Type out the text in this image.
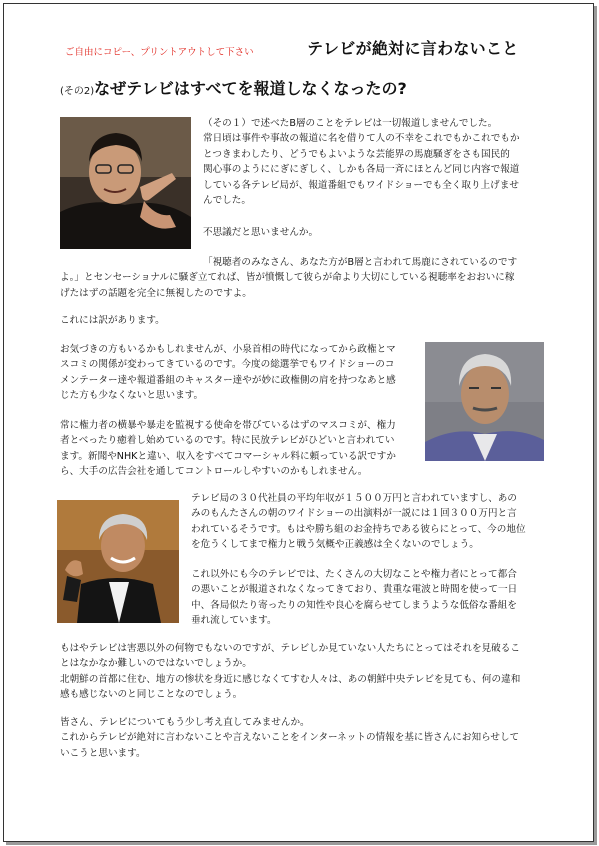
ご自由にコピー、プリントアウトして下さい	テレビが絶対に言わないこと
(その2)なぜテレビはすべてを報道しなくなったの?
（その１）で述べたB層のことをテレビは一切報道しませんでした。
常日頃は事件や事故の報道に名を借りて人の不幸をこれでもかこれでもか
とつきまわしたり、どうでもよいような芸能界の馬鹿騒ぎをさも国民的
関心事のようににぎにぎしく、しかも各局一斉にほとんど同じ内容で報道
している各テレビ局が、報道番組でもワイドショーでも全く取り上げませ
んでした。
不思議だと思いませんか。
「視聴者のみなさん、あなた方がB層と言われて馬鹿にされているのです
よ。」とセンセーショナルに騒ぎ立てれば、皆が憤慨して彼らが命より大切にしている視聴率をおおいに稼
げたはずの話題を完全に無視したのですよ。
これには訳があります。
お気づきの方もいるかもしれませんが、小泉首相の時代になってから政権とマ
スコミの関係が変わってきているのです。今度の総選挙でもワイドショーのコ
メンテーター達や報道番組のキャスター達やが妙に政権側の肩を持つなあと感
じた方も少なくないと思います。
常に権力者の横暴や暴走を監視する使命を帯びているはずのマスコミが、権力
者とべったり癒着し始めているのです。特に民放テレビがひどいと言われてい
ます。新聞やNHKと違い、収入をすべてコマーシャル料に頼っている訳ですか
ら、大手の広告会社を通してコントロールしやすいのかもしれません。
テレビ局の３０代社員の平均年収が１５００万円と言われていますし、あの
みのもんたさんの朝のワイドショーの出演料が一説には１回３００万円と言
われているそうです。もはや勝ち組のお金持ちである彼らにとって、今の地位
を危うくしてまで権力と戦う気概や正義感は全くないのでしょう。
これ以外にも今のテレビでは、たくさんの大切なことや権力者にとって都合
の悪いことが報道されなくなってきており、貴重な電波と時間を使って一日
中、各局似たり寄ったりの知性や良心を腐らせてしまうような低俗な番組を
垂れ流しています。
もはやテレビは害悪以外の何物でもないのですが、テレビしか見ていない人たちにとってはそれを見破るこ
とはなかなか難しいのではないでしょうか。
北朝鮮の首都に住む、地方の惨状を身近に感じなくてすむ人々は、あの朝鮮中央テレビを見ても、何の違和
感も感じないのと同じことなのでしょう。
皆さん、テレビについてもう少し考え直してみませんか。
これからテレビが絶対に言わないことや言えないことをインターネットの情報を基に皆さんにお知らせして
いこうと思います。
